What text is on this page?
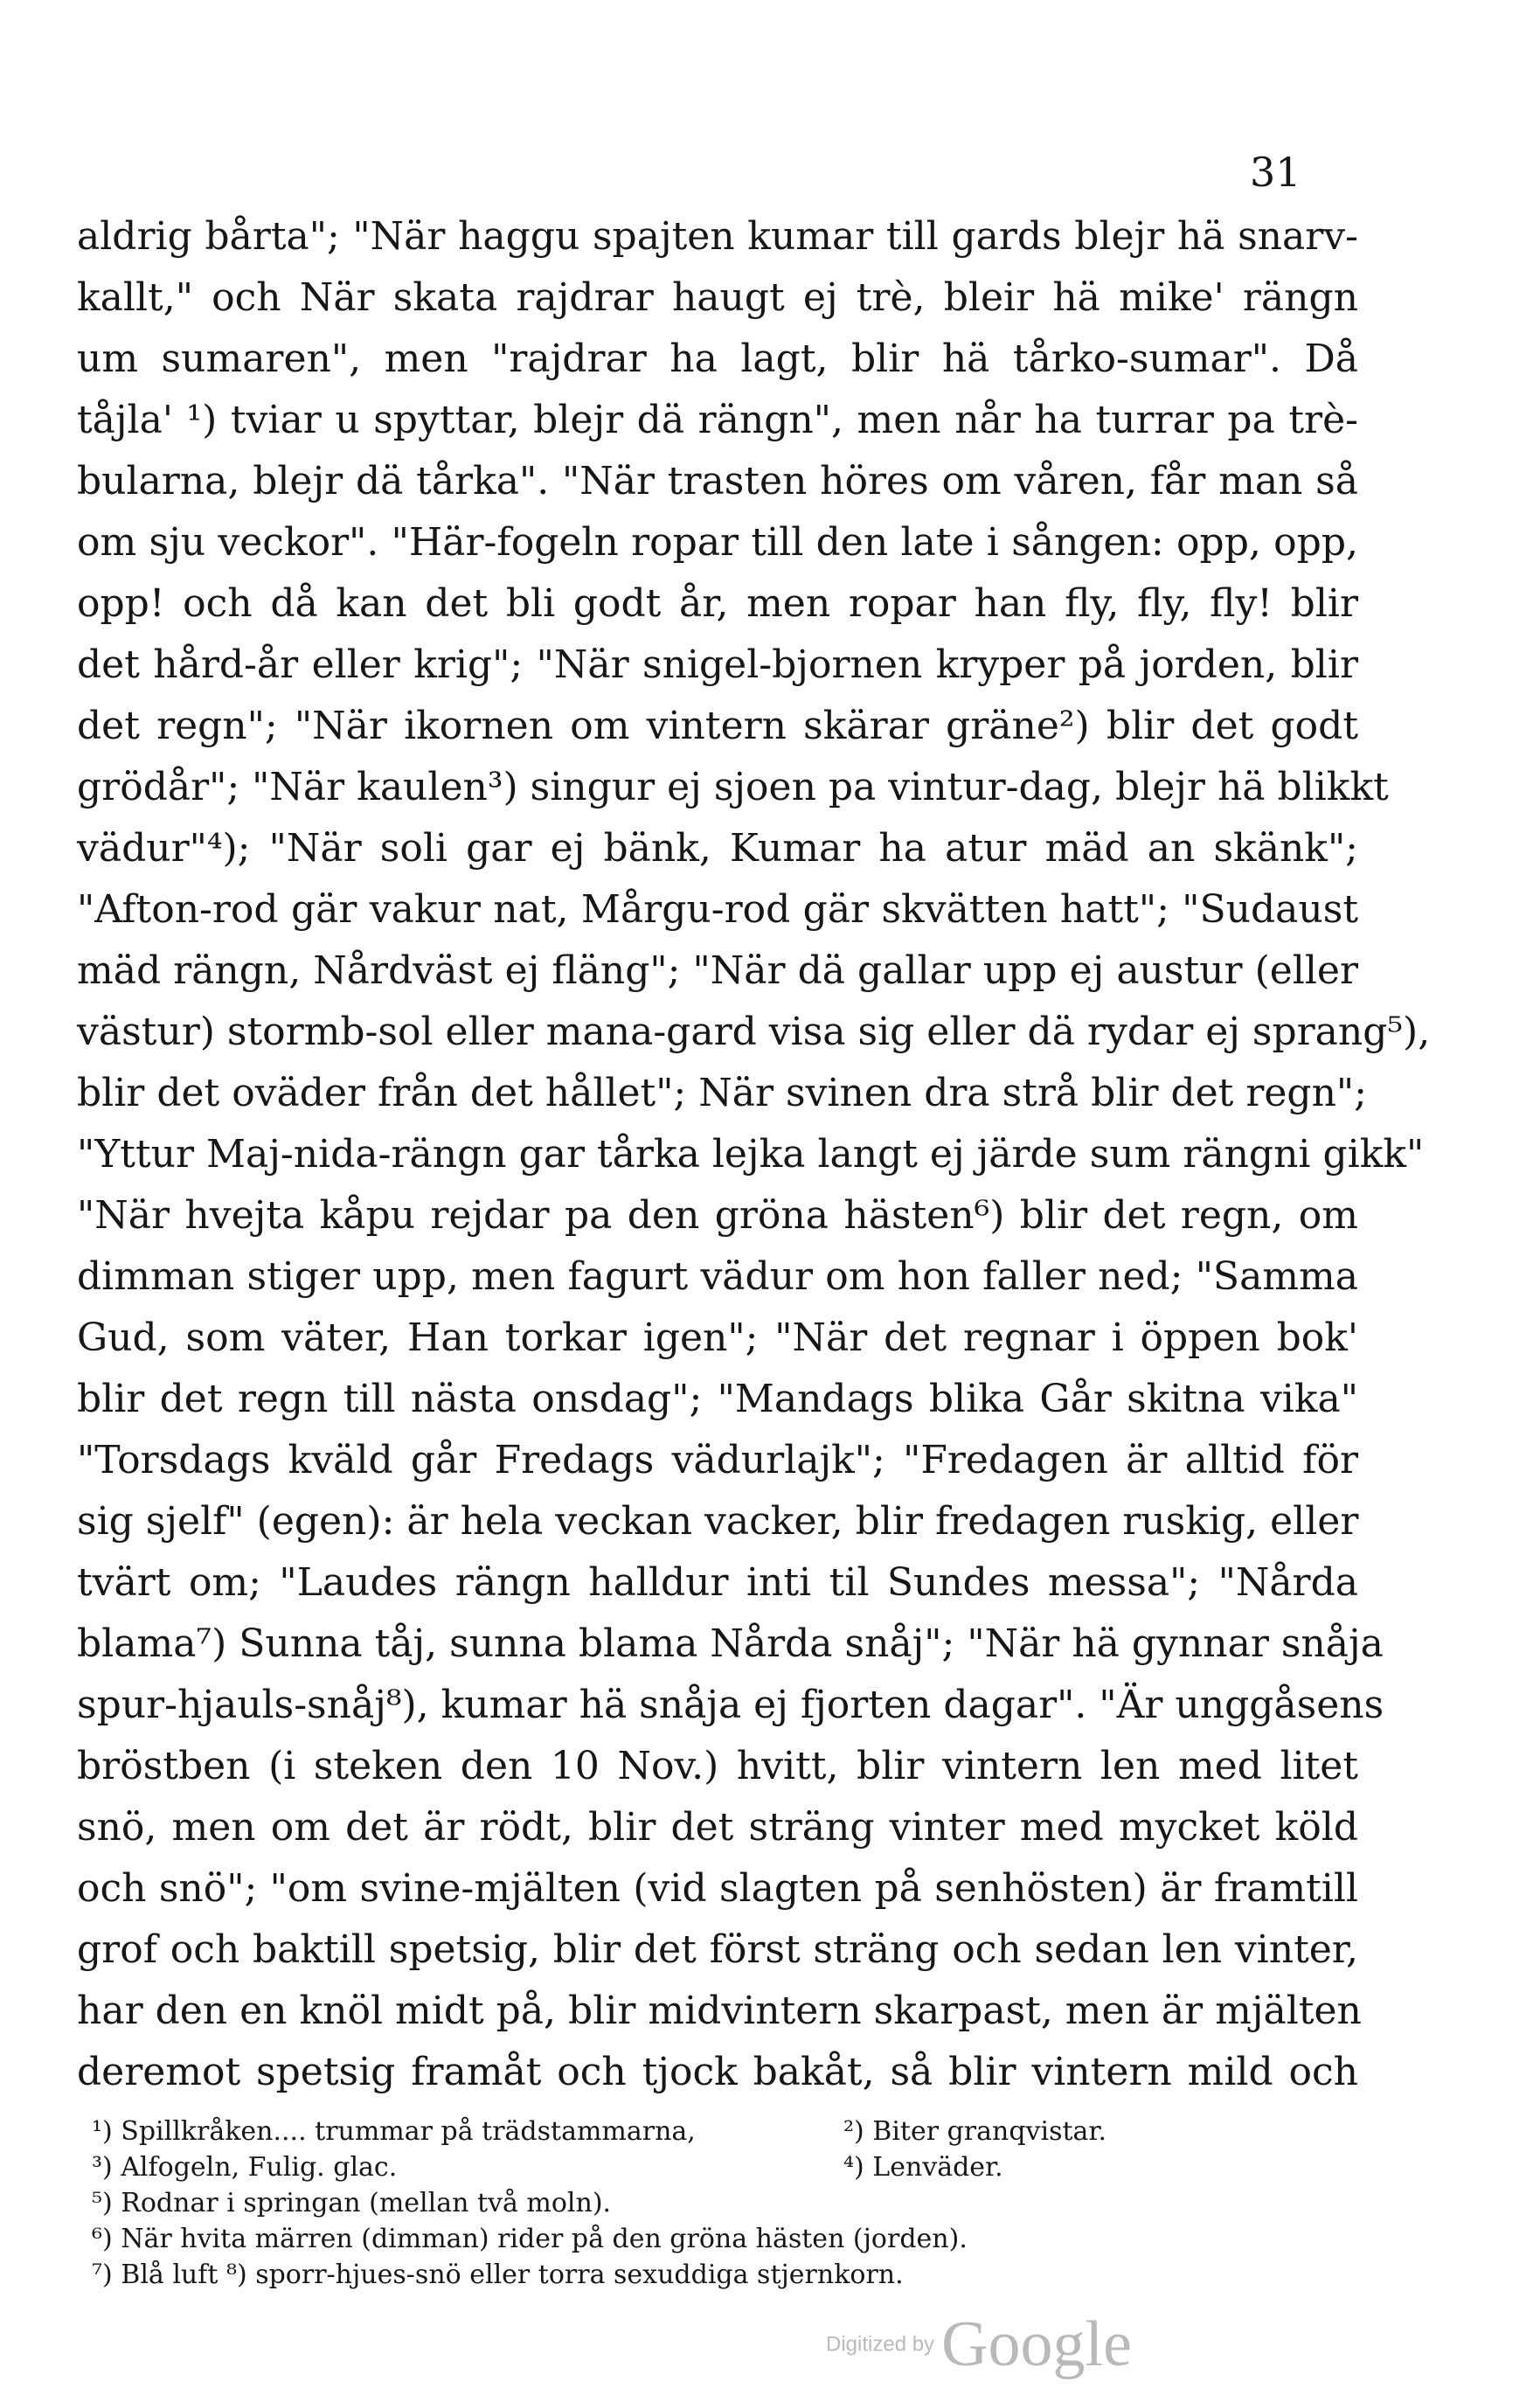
31
aldrig bårta"; "När haggu spajten kumar till gards blejr hä snarv-
kallt," och När skata rajdrar haugt ej trè, bleir hä mike' rängn
um sumaren", men "rajdrar ha lagt, blir hä tårko-sumar". Då
tåjla' ¹) tviar u spyttar, blejr dä rängn", men når ha turrar pa trè-
bularna, blejr dä tårka". "När trasten höres om våren, får man så
om sju veckor". "Här-fogeln ropar till den late i sången: opp, opp,
opp! och då kan det bli godt år, men ropar han fly, fly, fly! blir
det hård-år eller krig"; "När snigel-bjornen kryper på jorden, blir
det regn"; "När ikornen om vintern skärar gräne²) blir det godt
grödår"; "När kaulen³) singur ej sjoen pa vintur-dag, blejr hä blikkt
vädur"⁴); "När soli gar ej bänk, Kumar ha atur mäd an skänk";
"Afton-rod gär vakur nat, Mårgu-rod gär skvätten hatt"; "Sudaust
mäd rängn, Nårdväst ej fläng"; "När dä gallar upp ej austur (eller
västur) stormb-sol eller mana-gard visa sig eller dä rydar ej sprang⁵),
blir det oväder från det hållet"; När svinen dra strå blir det regn";
"Yttur Maj-nida-rängn gar tårka lejka langt ej järde sum rängni gikk"
"När hvejta kåpu rejdar pa den gröna hästen⁶) blir det regn, om
dimman stiger upp, men fagurt vädur om hon faller ned; "Samma
Gud, som väter, Han torkar igen"; "När det regnar i öppen bok'
blir det regn till nästa onsdag"; "Mandags blika Går skitna vika"
"Torsdags kväld går Fredags vädurlajk"; "Fredagen är alltid för
sig sjelf" (egen): är hela veckan vacker, blir fredagen ruskig, eller
tvärt om; "Laudes rängn halldur inti til Sundes messa"; "Nårda
blama⁷) Sunna tåj, sunna blama Nårda snåj"; "När hä gynnar snåja
spur-hjauls-snåj⁸), kumar hä snåja ej fjorten dagar". "Är unggåsens
bröstben (i steken den 10 Nov.) hvitt, blir vintern len med litet
snö, men om det är rödt, blir det sträng vinter med mycket köld
och snö"; "om svine-mjälten (vid slagten på senhösten) är framtill
grof och baktill spetsig, blir det först sträng och sedan len vinter,
har den en knöl midt på, blir midvintern skarpast, men är mjälten
deremot spetsig framåt och tjock bakåt, så blir vintern mild och
¹) Spillkråken.... trummar på trädstammarna,	²) Biter granqvistar.
³) Alfogeln, Fulig. glac.	⁴) Lenväder.
⁵) Rodnar i springan (mellan två moln).
⁶) När hvita märren (dimman) rider på den gröna hästen (jorden).
⁷) Blå luft ⁸) sporr-hjues-snö eller torra sexuddiga stjernkorn.
Digitized by Google
